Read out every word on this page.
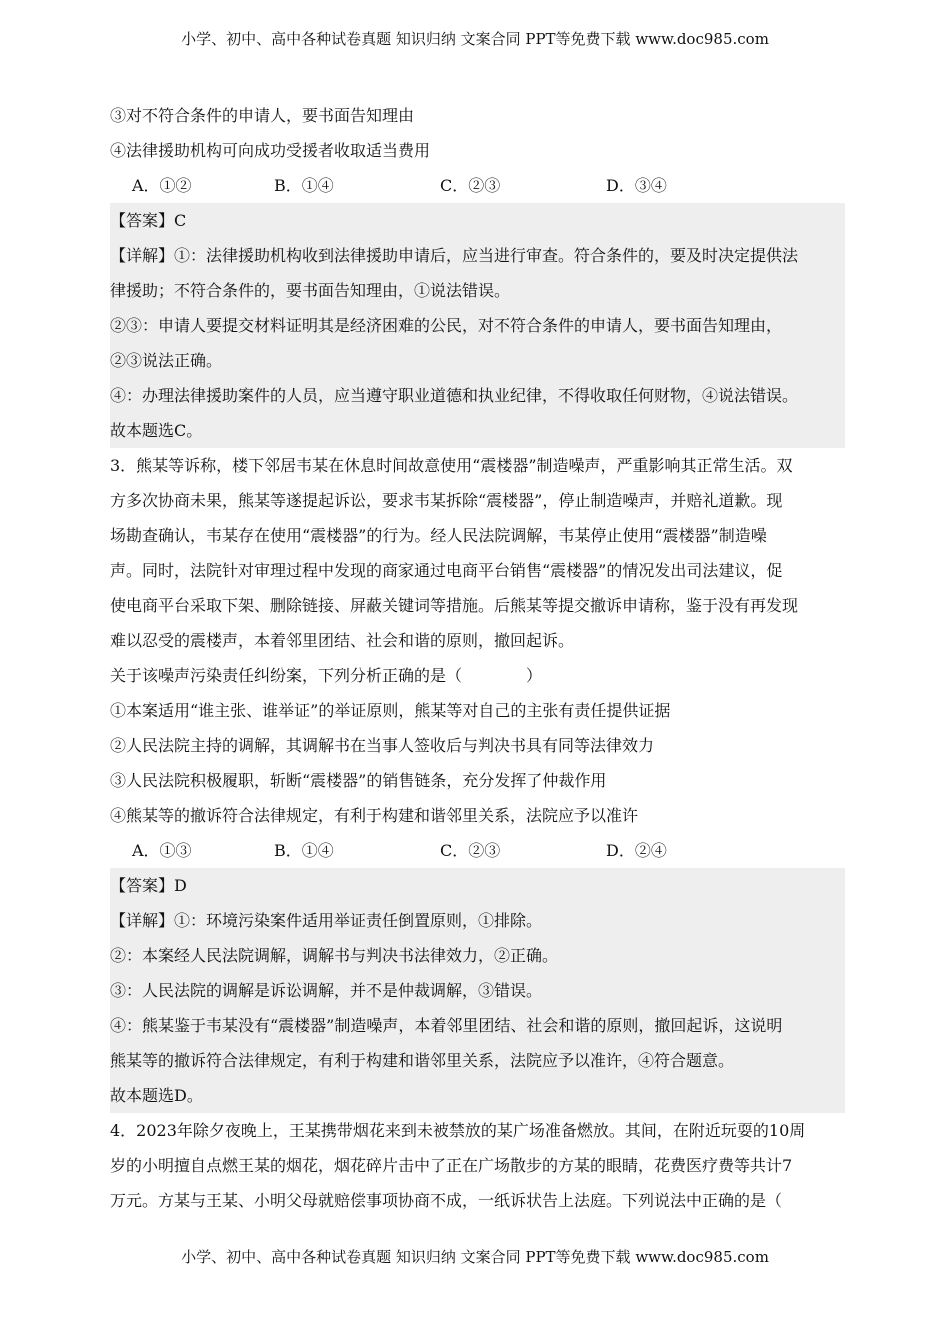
小学、初中、高中各种试卷真题 知识归纳 文案合同 PPT等免费下载 www.doc985.com
③对不符合条件的申请人，要书面告知理由
④法律援助机构可向成功受援者收取适当费用
A．①②	B．①④	C．②③	D．③④
【答案】C
【详解】①：法律援助机构收到法律援助申请后，应当进行审查。符合条件的，要及时决定提供法
律援助；不符合条件的，要书面告知理由，①说法错误。
②③：申请人要提交材料证明其是经济困难的公民，对不符合条件的申请人，要书面告知理由，
②③说法正确。
④：办理法律援助案件的人员，应当遵守职业道德和执业纪律，不得收取任何财物，④说法错误。
故本题选C。
3．熊某等诉称，楼下邻居韦某在休息时间故意使用“震楼器”制造噪声，严重影响其正常生活。双
方多次协商未果，熊某等遂提起诉讼，要求韦某拆除“震楼器”，停止制造噪声，并赔礼道歉。现
场勘查确认，韦某存在使用“震楼器”的行为。经人民法院调解，韦某停止使用“震楼器”制造噪
声。同时，法院针对审理过程中发现的商家通过电商平台销售“震楼器”的情况发出司法建议，促
使电商平台采取下架、删除链接、屏蔽关键词等措施。后熊某等提交撤诉申请称，鉴于没有再发现
难以忍受的震楼声，本着邻里团结、社会和谐的原则，撤回起诉。
关于该噪声污染责任纠纷案，下列分析正确的是（　　　　）
①本案适用“谁主张、谁举证”的举证原则，熊某等对自己的主张有责任提供证据
②人民法院主持的调解，其调解书在当事人签收后与判决书具有同等法律效力
③人民法院积极履职，斩断“震楼器”的销售链条，充分发挥了仲裁作用
④熊某等的撤诉符合法律规定，有利于构建和谐邻里关系，法院应予以准许
A．①③	B．①④	C．②③	D．②④
【答案】D
【详解】①：环境污染案件适用举证责任倒置原则，①排除。
②：本案经人民法院调解，调解书与判决书法律效力，②正确。
③：人民法院的调解是诉讼调解，并不是仲裁调解，③错误。
④：熊某鉴于韦某没有“震楼器”制造噪声，本着邻里团结、社会和谐的原则，撤回起诉，这说明
熊某等的撤诉符合法律规定，有利于构建和谐邻里关系，法院应予以准许，④符合题意。
故本题选D。
4．2023年除夕夜晚上，王某携带烟花来到未被禁放的某广场准备燃放。其间，在附近玩耍的10周
岁的小明擅自点燃王某的烟花，烟花碎片击中了正在广场散步的方某的眼睛，花费医疗费等共计7
万元。方某与王某、小明父母就赔偿事项协商不成，一纸诉状告上法庭。下列说法中正确的是（
小学、初中、高中各种试卷真题 知识归纳 文案合同 PPT等免费下载 www.doc985.com
